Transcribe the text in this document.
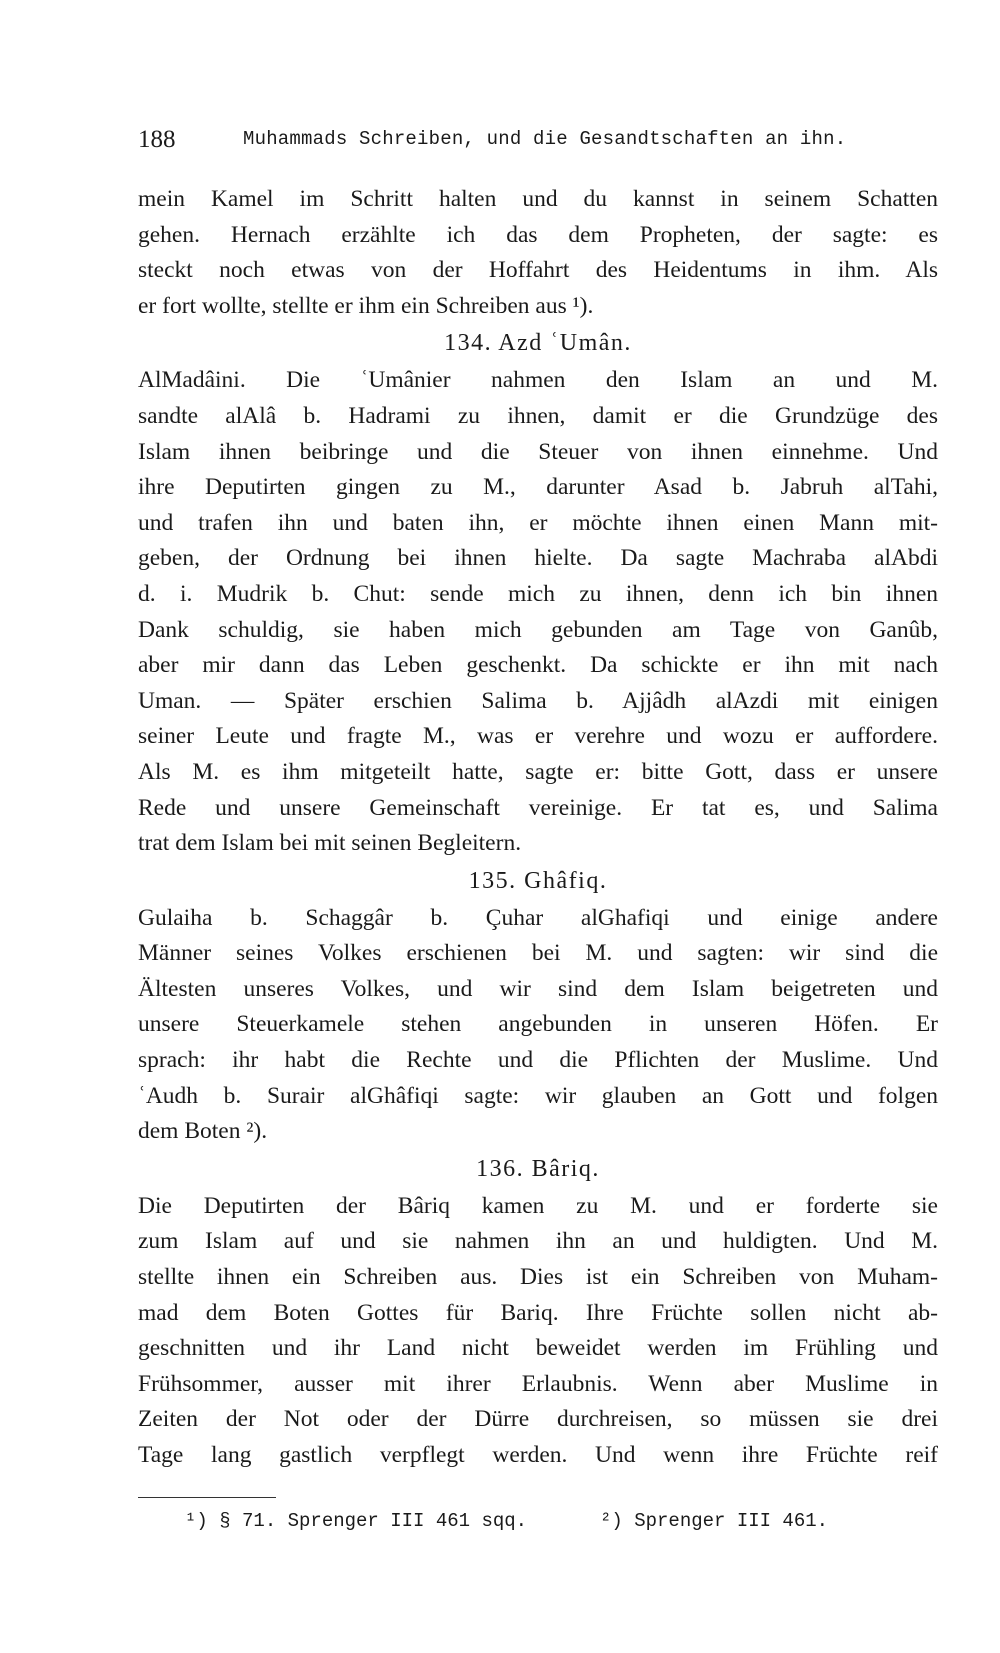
188	Muhammads Schreiben, und die Gesandtschaften an ihn.
mein Kamel im Schritt halten und du kannst in seinem Schatten
gehen. Hernach erzählte ich das dem Propheten, der sagte: es
steckt noch etwas von der Hoffahrt des Heidentums in ihm. Als
er fort wollte, stellte er ihm ein Schreiben aus ¹).
134. Azd ʿUmân.
AlMadâini. Die ʿUmânier nahmen den Islam an und M.
sandte alAlâ b. Hadrami zu ihnen, damit er die Grundzüge des
Islam ihnen beibringe und die Steuer von ihnen einnehme. Und
ihre Deputirten gingen zu M., darunter Asad b. Jabruh alTahi,
und trafen ihn und baten ihn, er möchte ihnen einen Mann mit-
geben, der Ordnung bei ihnen hielte. Da sagte Machraba alAbdi
d. i. Mudrik b. Chut: sende mich zu ihnen, denn ich bin ihnen
Dank schuldig, sie haben mich gebunden am Tage von Ganûb,
aber mir dann das Leben geschenkt. Da schickte er ihn mit nach
Uman. — Später erschien Salima b. Ajjâdh alAzdi mit einigen
seiner Leute und fragte M., was er verehre und wozu er auffordere.
Als M. es ihm mitgeteilt hatte, sagte er: bitte Gott, dass er unsere
Rede und unsere Gemeinschaft vereinige. Er tat es, und Salima
trat dem Islam bei mit seinen Begleitern.
135. Ghâfiq.
Gulaiha b. Schaggâr b. Çuhar alGhafiqi und einige andere
Männer seines Volkes erschienen bei M. und sagten: wir sind die
Ältesten unseres Volkes, und wir sind dem Islam beigetreten und
unsere Steuerkamele stehen angebunden in unseren Höfen. Er
sprach: ihr habt die Rechte und die Pflichten der Muslime. Und
ʿAudh b. Surair alGhâfiqi sagte: wir glauben an Gott und folgen
dem Boten ²).
136. Bâriq.
Die Deputirten der Bâriq kamen zu M. und er forderte sie
zum Islam auf und sie nahmen ihn an und huldigten. Und M.
stellte ihnen ein Schreiben aus. Dies ist ein Schreiben von Muham-
mad dem Boten Gottes für Bariq. Ihre Früchte sollen nicht ab-
geschnitten und ihr Land nicht beweidet werden im Frühling und
Frühsommer, ausser mit ihrer Erlaubnis. Wenn aber Muslime in
Zeiten der Not oder der Dürre durchreisen, so müssen sie drei
Tage lang gastlich verpflegt werden. Und wenn ihre Früchte reif
¹) § 71. Sprenger III 461 sqq.	²) Sprenger III 461.
